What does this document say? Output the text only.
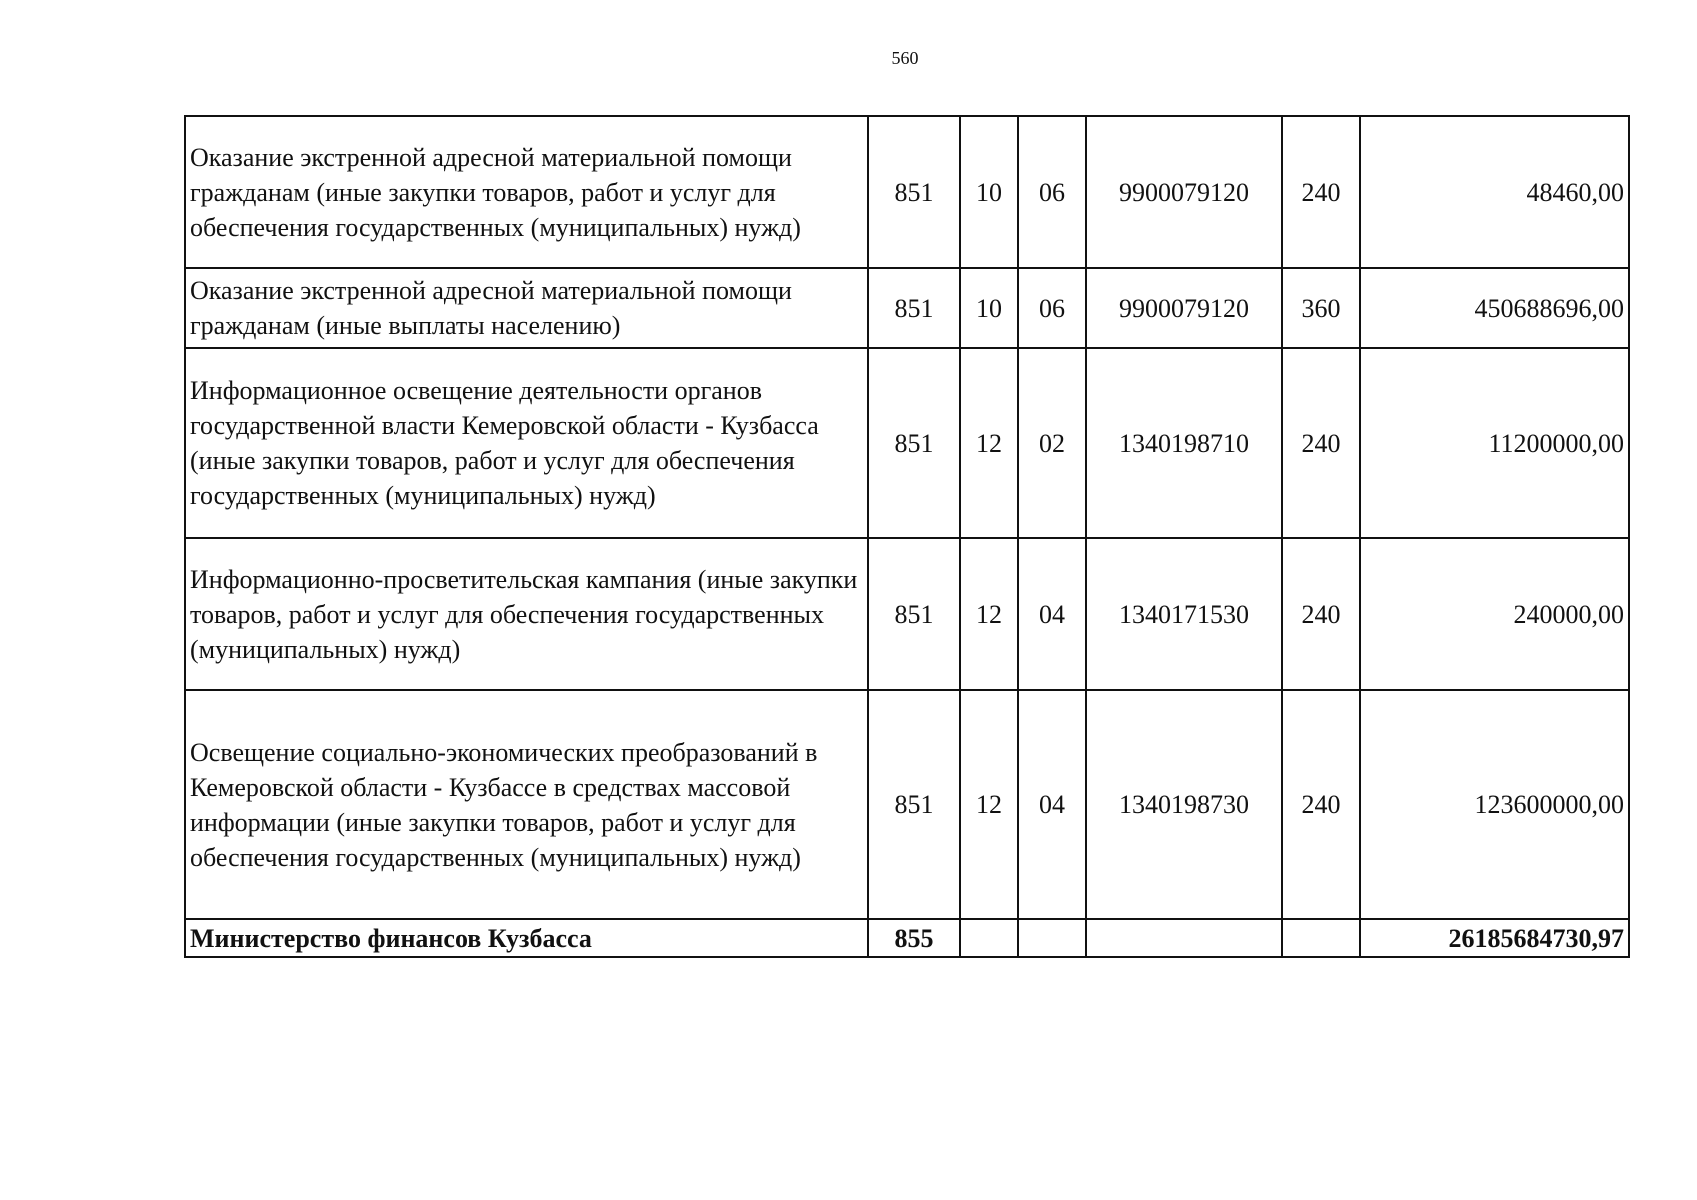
560
Оказание экстренной адресной материальной помощи гражданам (иные закупки товаров, работ и услуг для обеспечения государственных (муниципальных) нужд)	851	10	06	9900079120	240	48460,00
Оказание экстренной адресной материальной помощи гражданам (иные выплаты населению)	851	10	06	9900079120	360	450688696,00
Информационное освещение деятельности органов государственной власти Кемеровской области - Кузбасса (иные закупки товаров, работ и услуг для обеспечения государственных (муниципальных) нужд)	851	12	02	1340198710	240	11200000,00
Информационно-просветительская кампания (иные закупки товаров, работ и услуг для обеспечения государственных (муниципальных) нужд)	851	12	04	1340171530	240	240000,00
Освещение социально-экономических преобразований в Кемеровской области - Кузбассе в средствах массовой информации (иные закупки товаров, работ и услуг для обеспечения государственных (муниципальных) нужд)	851	12	04	1340198730	240	123600000,00
Министерство финансов Кузбасса	855					26185684730,97
